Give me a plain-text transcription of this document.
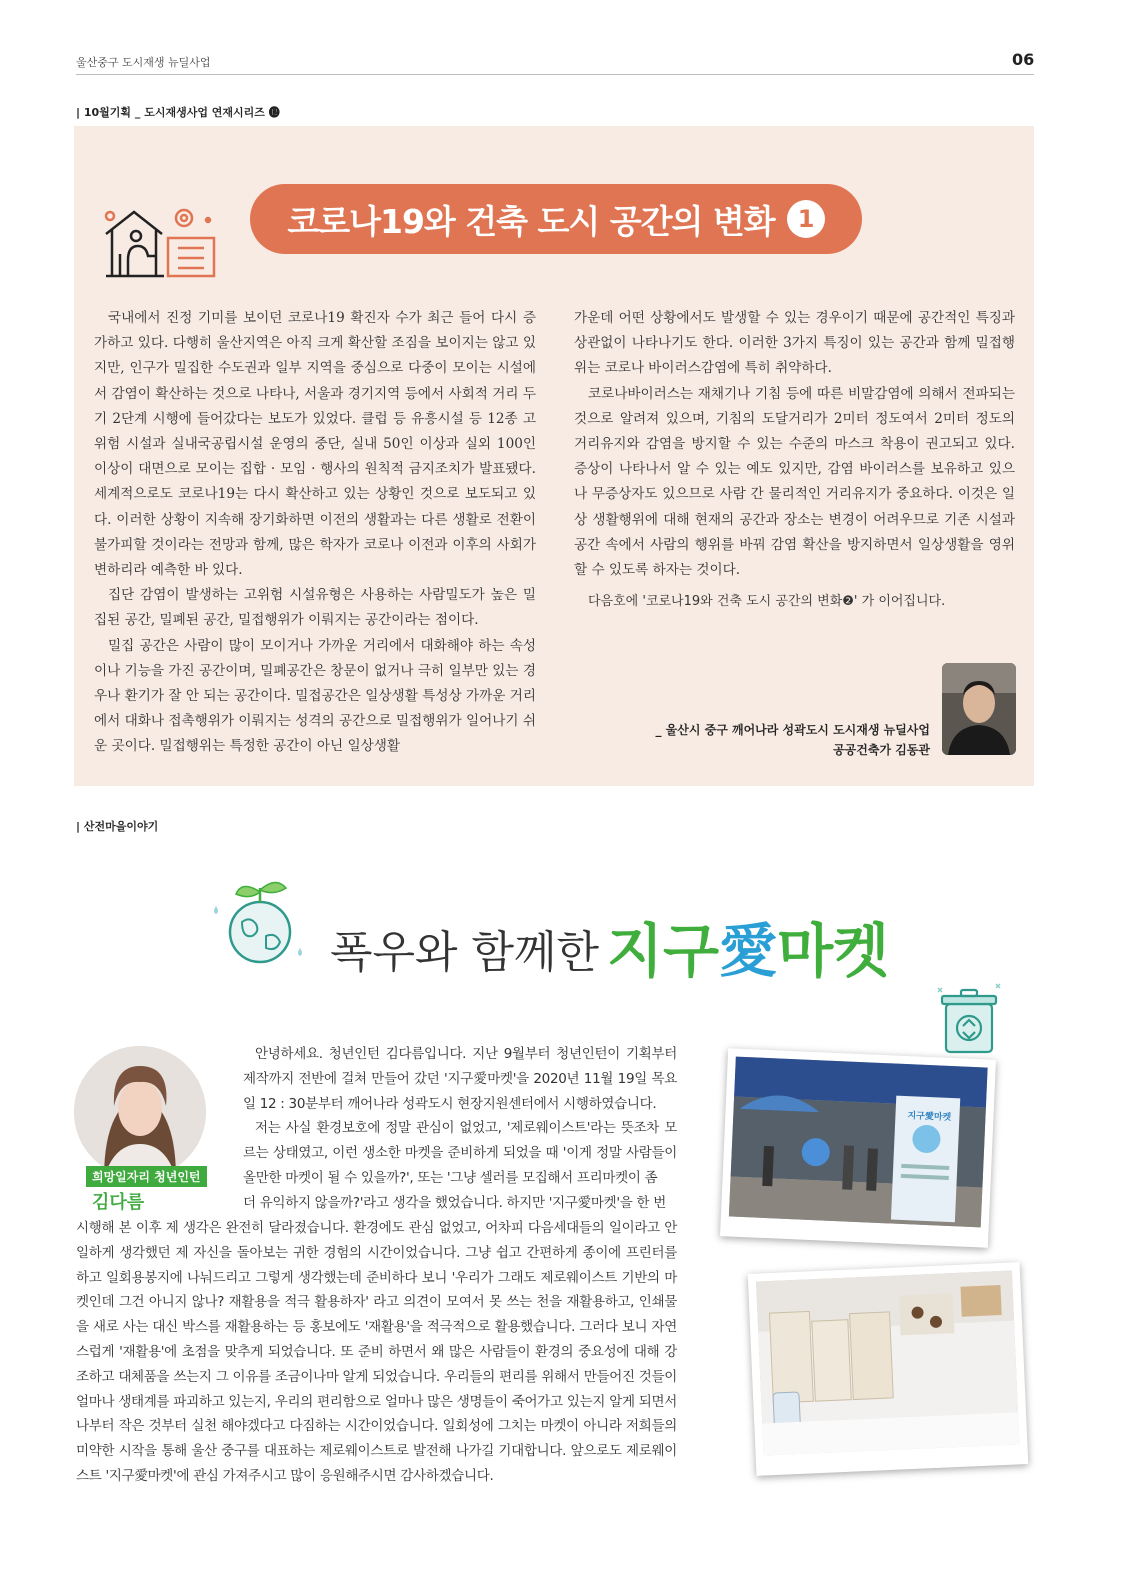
울산중구 도시재생 뉴딜사업	06
| 10월기획 _ 도시재생사업 연재시리즈 ⓬
코로나19와 건축 도시 공간의 변화 1

국내에서 진정 기미를 보이던 코로나19 확진자 수가 최근 들어 다시 증가하고 있다. 다행히 울산지역은 아직 크게 확산할 조짐을 보이지는 않고 있지만, 인구가 밀집한 수도권과 일부 지역을 중심으로 다중이 모이는 시설에서 감염이 확산하는 것으로 나타나, 서울과 경기지역 등에서 사회적 거리 두기 2단계 시행에 들어갔다는 보도가 있었다. 클럽 등 유흥시설 등 12종 고위험 시설과 실내국공립시설 운영의 중단, 실내 50인 이상과 실외 100인 이상이 대면으로 모이는 집합 · 모임 · 행사의 원칙적 금지조치가 발표됐다. 세계적으로도 코로나19는 다시 확산하고 있는 상황인 것으로 보도되고 있다. 이러한 상황이 지속해 장기화하면 이전의 생활과는 다른 생활로 전환이 불가피할 것이라는 전망과 함께, 많은 학자가 코로나 이전과 이후의 사회가 변하리라 예측한 바 있다.

집단 감염이 발생하는 고위험 시설유형은 사용하는 사람밀도가 높은 밀집된 공간, 밀폐된 공간, 밀접행위가 이뤄지는 공간이라는 점이다.

밀집 공간은 사람이 많이 모이거나 가까운 거리에서 대화해야 하는 속성이나 기능을 가진 공간이며, 밀폐공간은 창문이 없거나 극히 일부만 있는 경우나 환기가 잘 안 되는 공간이다. 밀접공간은 일상생활 특성상 가까운 거리에서 대화나 접촉행위가 이뤄지는 성격의 공간으로 밀접행위가 일어나기 쉬운 곳이다. 밀접행위는 특정한 공간이 아닌 일상생활

가운데 어떤 상황에서도 발생할 수 있는 경우이기 때문에 공간적인 특징과 상관없이 나타나기도 한다. 이러한 3가지 특징이 있는 공간과 함께 밀접행위는 코로나 바이러스감염에 특히 취약하다.

코로나바이러스는 재채기나 기침 등에 따른 비말감염에 의해서 전파되는 것으로 알려져 있으며, 기침의 도달거리가 2미터 정도여서 2미터 정도의 거리유지와 감염을 방지할 수 있는 수준의 마스크 착용이 권고되고 있다. 증상이 나타나서 알 수 있는 예도 있지만, 감염 바이러스를 보유하고 있으나 무증상자도 있으므로 사람 간 물리적인 거리유지가 중요하다. 이것은 일상 생활행위에 대해 현재의 공간과 장소는 변경이 어려우므로 기존 시설과 공간 속에서 사람의 행위를 바꿔 감염 확산을 방지하면서 일상생활을 영위할 수 있도록 하자는 것이다.

다음호에 '코로나19와 건축 도시 공간의 변화❷' 가 이어집니다.

_ 울산시 중구 깨어나라 성곽도시 도시재생 뉴딜사업
공공건축가 김동관
| 산전마을이야기
폭우와 함께한 지구愛마켓
희망일자리 청년인턴
김다름

안녕하세요. 청년인턴 김다름입니다. 지난 9월부터 청년인턴이 기획부터 제작까지 전반에 걸쳐 만들어 갔던 '지구愛마켓'을 2020년 11월 19일 목요일 12 : 30분부터 깨어나라 성곽도시 현장지원센터에서 시행하였습니다.

저는 사실 환경보호에 정말 관심이 없었고, '제로웨이스트'라는 뜻조차 모르는 상태였고, 이런 생소한 마켓을 준비하게 되었을 때 '이게 정말 사람들이 올만한 마켓이 될 수 있을까?', 또는 '그냥 셀러를 모집해서 프리마켓이 좀

더 유익하지 않을까?'라고 생각을 했었습니다. 하지만 '지구愛마켓'을 한 번
시행해 본 이후 제 생각은 완전히 달라졌습니다. 환경에도 관심 없었고, 어차피 다음세대들의 일이라고 안일하게 생각했던 제 자신을 돌아보는 귀한 경험의 시간이었습니다. 그냥 쉽고 간편하게 종이에 프린터를 하고 일회용봉지에 나눠드리고 그렇게 생각했는데 준비하다 보니 '우리가 그래도 제로웨이스트 기반의 마켓인데 그건 아니지 않나? 재활용을 적극 활용하자' 라고 의견이 모여서 못 쓰는 천을 재활용하고, 인쇄물을 새로 사는 대신 박스를 재활용하는 등 홍보에도 '재활용'을 적극적으로 활용했습니다. 그러다 보니 자연스럽게 '재활용'에 초점을 맞추게 되었습니다. 또 준비 하면서 왜 많은 사람들이 환경의 중요성에 대해 강조하고 대체품을 쓰는지 그 이유를 조금이나마 알게 되었습니다. 우리들의 편리를 위해서 만들어진 것들이 얼마나 생태계를 파괴하고 있는지, 우리의 편리함으로 얼마나 많은 생명들이 죽어가고 있는지 알게 되면서 나부터 작은 것부터 실천 해야겠다고 다짐하는 시간이었습니다. 일회성에 그치는 마켓이 아니라 저희들의 미약한 시작을 통해 울산 중구를 대표하는 제로웨이스트로 발전해 나가길 기대합니다. 앞으로도 제로웨이스트 '지구愛마켓'에 관심 가져주시고 많이 응원해주시면 감사하겠습니다.
지구愛마켓
